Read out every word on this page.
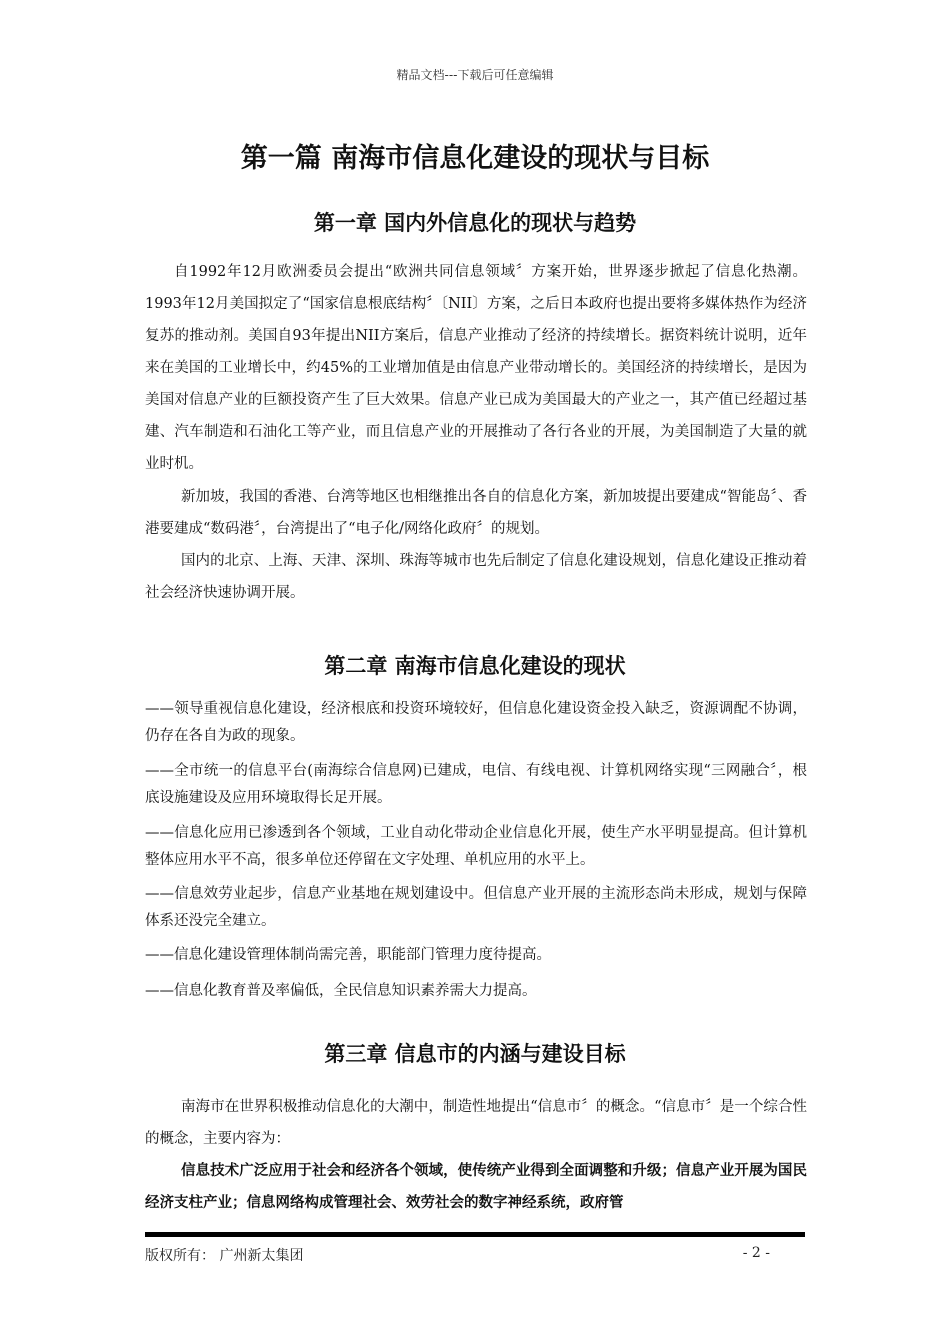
精品文档---下载后可任意编辑
第一篇 南海市信息化建设的现状与目标
第一章 国内外信息化的现状与趋势

自1992年12月欧洲委员会提出“欧洲共同信息领域〞方案开始，世界逐步掀起了信息化热潮。1993年12月美国拟定了“国家信息根底结构〞〔NII〕方案，之后日本政府也提出要将多媒体热作为经济复苏的推动剂。美国自93年提出NII方案后，信息产业推动了经济的持续增长。据资料统计说明，近年来在美国的工业增长中，约45%的工业增加值是由信息产业带动增长的。美国经济的持续增长，是因为美国对信息产业的巨额投资产生了巨大效果。信息产业已成为美国最大的产业之一，其产值已经超过基建、汽车制造和石油化工等产业，而且信息产业的开展推动了各行各业的开展，为美国制造了大量的就业时机。

新加坡，我国的香港、台湾等地区也相继推出各自的信息化方案，新加坡提出要建成“智能岛〞、香港要建成“数码港〞，台湾提出了“电子化/网络化政府〞的规划。

国内的北京、上海、天津、深圳、珠海等城市也先后制定了信息化建设规划，信息化建设正推动着社会经济快速协调开展。

第二章 南海市信息化建设的现状

——领导重视信息化建设，经济根底和投资环境较好，但信息化建设资金投入缺乏，资源调配不协调，仍存在各自为政的现象。

——全市统一的信息平台(南海综合信息网)已建成，电信、有线电视、计算机网络实现“三网融合〞，根底设施建设及应用环境取得长足开展。

——信息化应用已渗透到各个领域，工业自动化带动企业信息化开展，使生产水平明显提高。但计算机整体应用水平不高，很多单位还停留在文字处理、单机应用的水平上。

——信息效劳业起步，信息产业基地在规划建设中。但信息产业开展的主流形态尚未形成，规划与保障体系还没完全建立。

——信息化建设管理体制尚需完善，职能部门管理力度待提高。

——信息化教育普及率偏低，全民信息知识素养需大力提高。

第三章 信息市的内涵与建设目标

南海市在世界积极推动信息化的大潮中，制造性地提出“信息市〞的概念。“信息市〞是一个综合性的概念，主要内容为：

信息技术广泛应用于社会和经济各个领域，使传统产业得到全面调整和升级；信息产业开展为国民经济支柱产业；信息网络构成管理社会、效劳社会的数字神经系统，政府管

版权所有： 广州新太集团	- 2 -
